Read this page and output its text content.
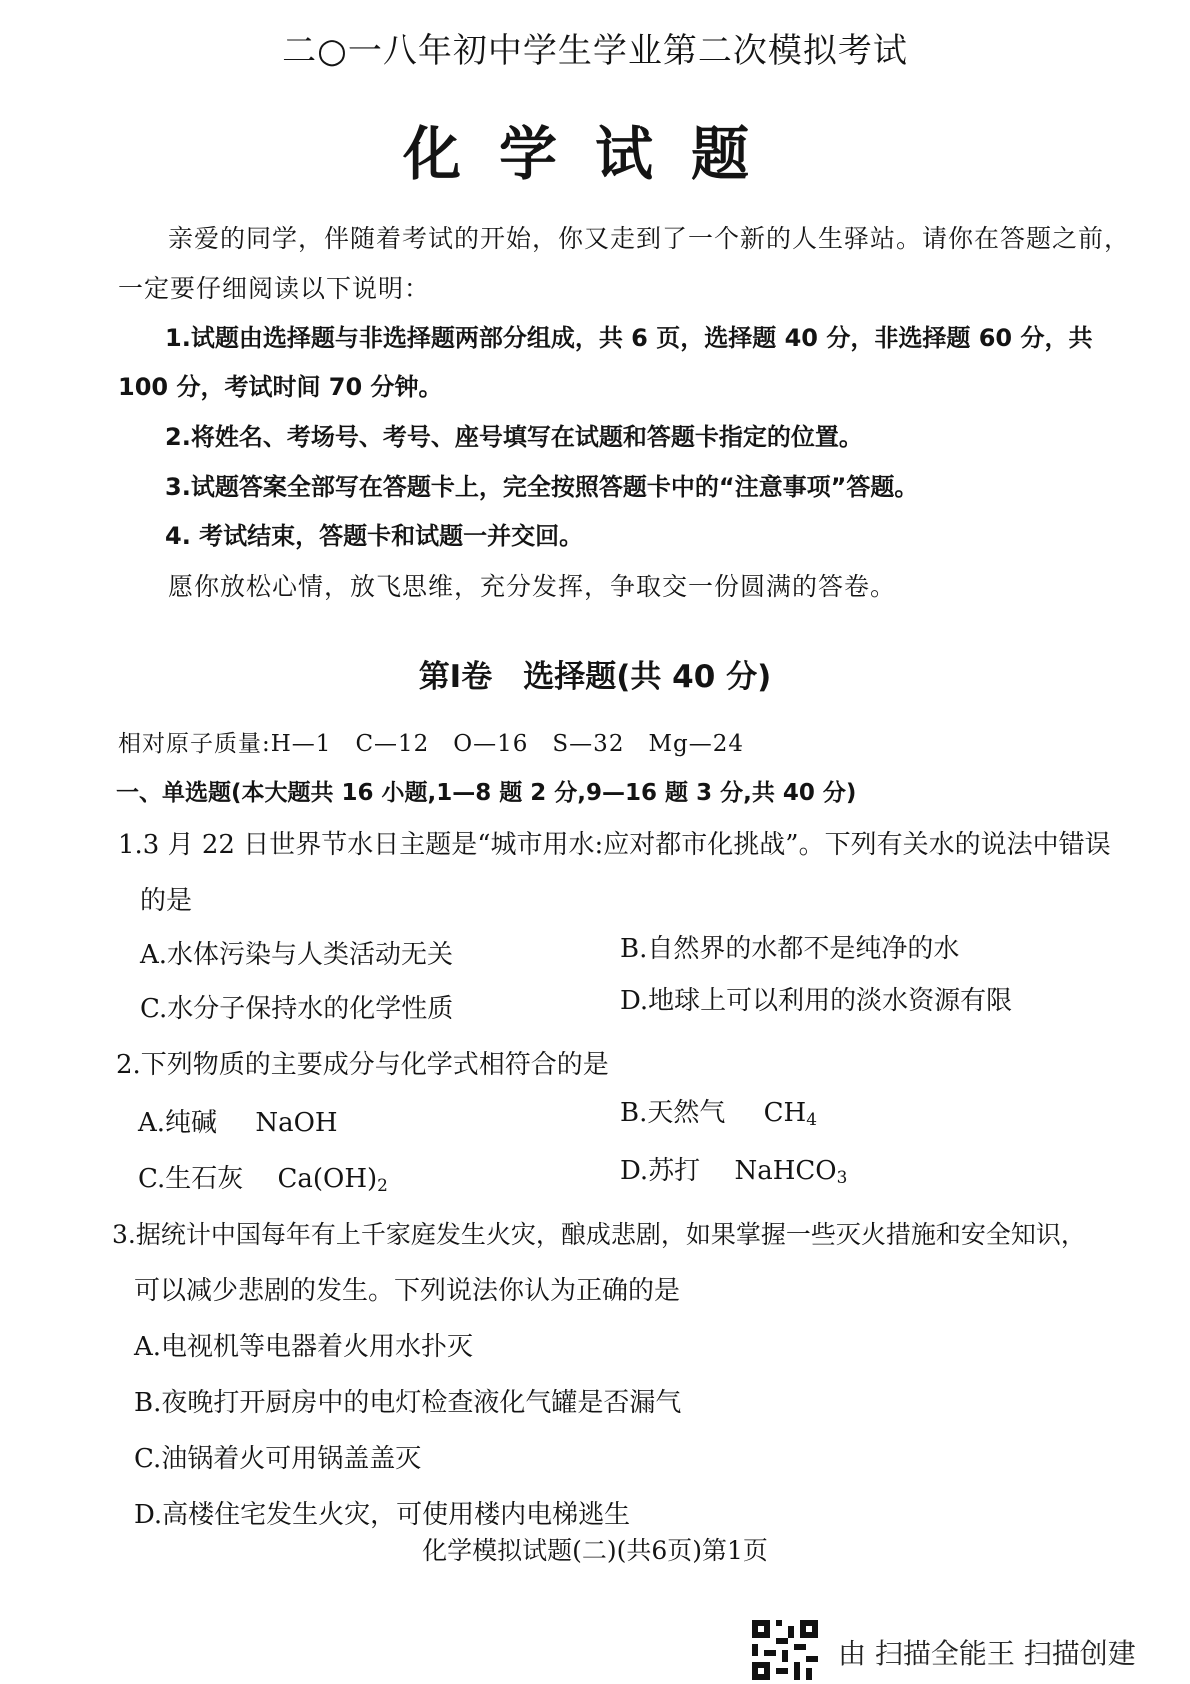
二○一八年初中学生学业第二次模拟考试
化学试题
亲爱的同学，伴随着考试的开始，你又走到了一个新的人生驿站。请你在答题之前，
一定要仔细阅读以下说明：
1.试题由选择题与非选择题两部分组成，共 6 页，选择题 40 分，非选择题 60 分，共
100 分，考试时间 70 分钟。
2.将姓名、考场号、考号、座号填写在试题和答题卡指定的位置。
3.试题答案全部写在答题卡上，完全按照答题卡中的“注意事项”答题。
4. 考试结束，答题卡和试题一并交回。
愿你放松心情，放飞思维，充分发挥，争取交一份圆满的答卷。
第Ⅰ卷　选择题(共 40 分)
相对原子质量:H—1　C—12　O—16　S—32　Mg—24
一、单选题(本大题共 16 小题,1—8 题 2 分,9—16 题 3 分,共 40 分)
1.3 月 22 日世界节水日主题是“城市用水:应对都市化挑战”。下列有关水的说法中错误
的是
A.水体污染与人类活动无关	B.自然界的水都不是纯净的水
C.水分子保持水的化学性质	D.地球上可以利用的淡水资源有限
2.下列物质的主要成分与化学式相符合的是
A.纯碱 NaOH	B.天然气 $CH_4$
C.生石灰 $Ca(OH)_2$	D.苏打 NaHCO$_3$
3.据统计中国每年有上千家庭发生火灾，酿成悲剧，如果掌握一些灭火措施和安全知识，
可以减少悲剧的发生。下列说法你认为正确的是
A.电视机等电器着火用水扑灭
B.夜晚打开厨房中的电灯检查液化气罐是否漏气
C.油锅着火可用锅盖盖灭
D.高楼住宅发生火灾，可使用楼内电梯逃生
化学模拟试题(二)(共6页)第1页
由 扫描全能王 扫描创建
